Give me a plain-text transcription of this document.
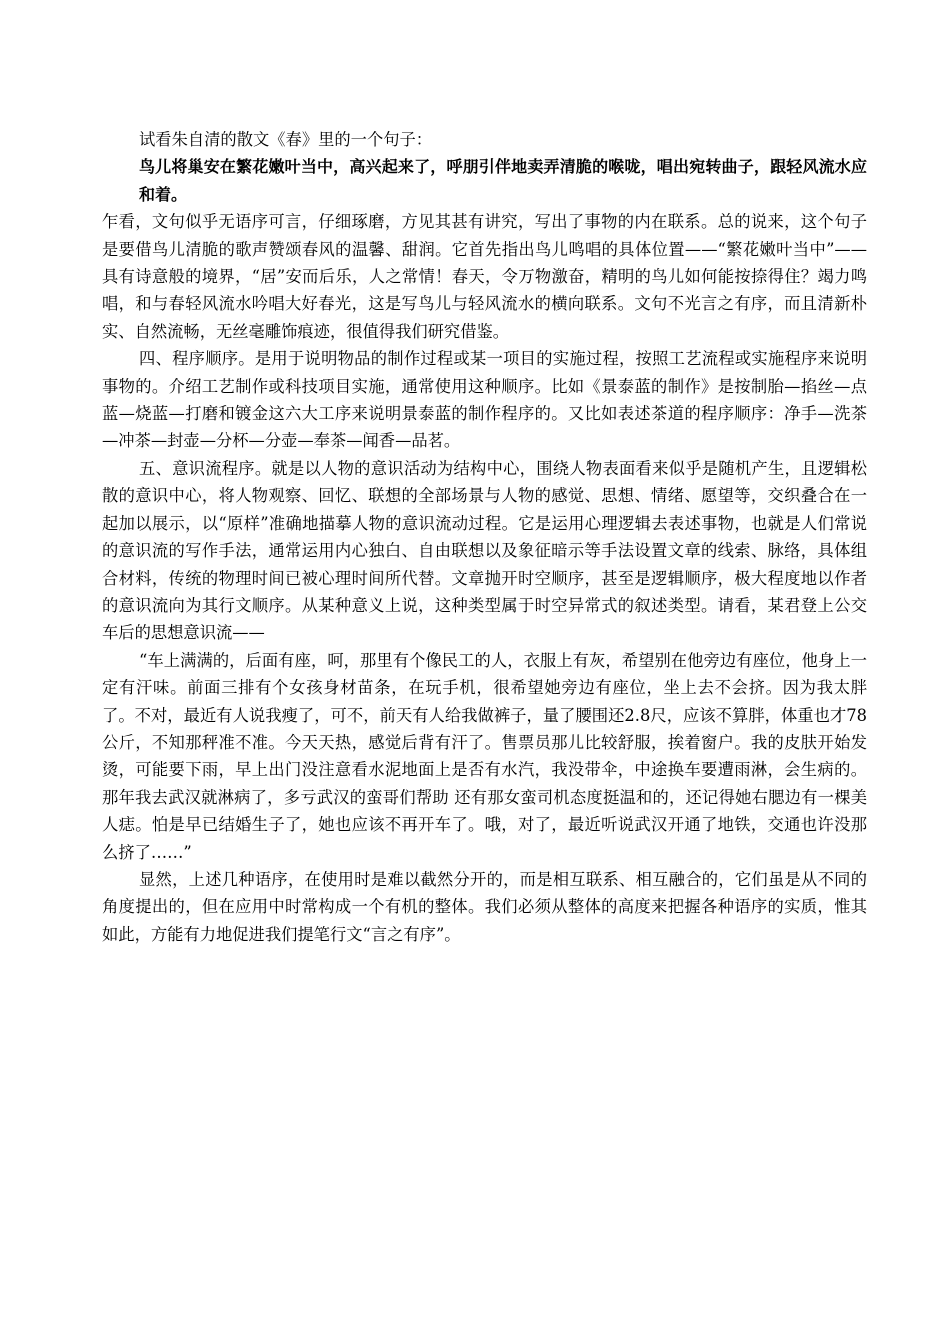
试看朱自清的散文《春》里的一个句子：

鸟儿将巢安在繁花嫩叶当中，高兴起来了，呼朋引伴地卖弄清脆的喉咙，唱出宛转曲子，跟轻风流水应和着。

乍看，文句似乎无语序可言，仔细琢磨，方见其甚有讲究，写出了事物的内在联系。总的说来，这个句子是要借鸟儿清脆的歌声赞颂春风的温馨、甜润。它首先指出鸟儿鸣唱的具体位置——“繁花嫩叶当中”——具有诗意般的境界，“居”安而后乐，人之常情！春天，令万物激奋，精明的鸟儿如何能按捺得住？竭力鸣唱，和与春轻风流水吟唱大好春光，这是写鸟儿与轻风流水的横向联系。文句不光言之有序，而且清新朴实、自然流畅，无丝毫雕饰痕迹，很值得我们研究借鉴。

四、程序顺序。是用于说明物品的制作过程或某一项目的实施过程，按照工艺流程或实施程序来说明事物的。介绍工艺制作或科技项目实施，通常使用这种顺序。比如《景泰蓝的制作》是按制胎—掐丝—点蓝—烧蓝—打磨和镀金这六大工序来说明景泰蓝的制作程序的。又比如表述茶道的程序顺序：净手—洗茶—冲茶—封壶—分杯—分壶—奉茶—闻香—品茗。

五、意识流程序。就是以人物的意识活动为结构中心，围绕人物表面看来似乎是随机产生，且逻辑松散的意识中心，将人物观察、回忆、联想的全部场景与人物的感觉、思想、情绪、愿望等，交织叠合在一起加以展示，以“原样”准确地描摹人物的意识流动过程。它是运用心理逻辑去表述事物，也就是人们常说的意识流的写作手法，通常运用内心独白、自由联想以及象征暗示等手法设置文章的线索、脉络，具体组合材料，传统的物理时间已被心理时间所代替。文章抛开时空顺序，甚至是逻辑顺序，极大程度地以作者的意识流向为其行文顺序。从某种意义上说，这种类型属于时空异常式的叙述类型。请看，某君登上公交车后的思想意识流——

“车上满满的，后面有座，呵，那里有个像民工的人，衣服上有灰，希望别在他旁边有座位，他身上一定有汗味。前面三排有个女孩身材苗条，在玩手机，很希望她旁边有座位，坐上去不会挤。因为我太胖了。不对，最近有人说我瘦了，可不，前天有人给我做裤子，量了腰围还2.8尺，应该不算胖，体重也才78公斤，不知那秤准不准。今天天热，感觉后背有汗了。售票员那儿比较舒服，挨着窗户。我的皮肤开始发烫，可能要下雨，早上出门没注意看水泥地面上是否有水汽，我没带伞，中途换车要遭雨淋，会生病的。那年我去武汉就淋病了，多亏武汉的蛮哥们帮助 还有那女蛮司机态度挺温和的，还记得她右腮边有一棵美人痣。怕是早已结婚生子了，她也应该不再开车了。哦，对了，最近听说武汉开通了地铁，交通也许没那么挤了……”

显然，上述几种语序，在使用时是难以截然分开的，而是相互联系、相互融合的，它们虽是从不同的角度提出的，但在应用中时常构成一个有机的整体。我们必须从整体的高度来把握各种语序的实质，惟其如此，方能有力地促进我们提笔行文“言之有序”。
